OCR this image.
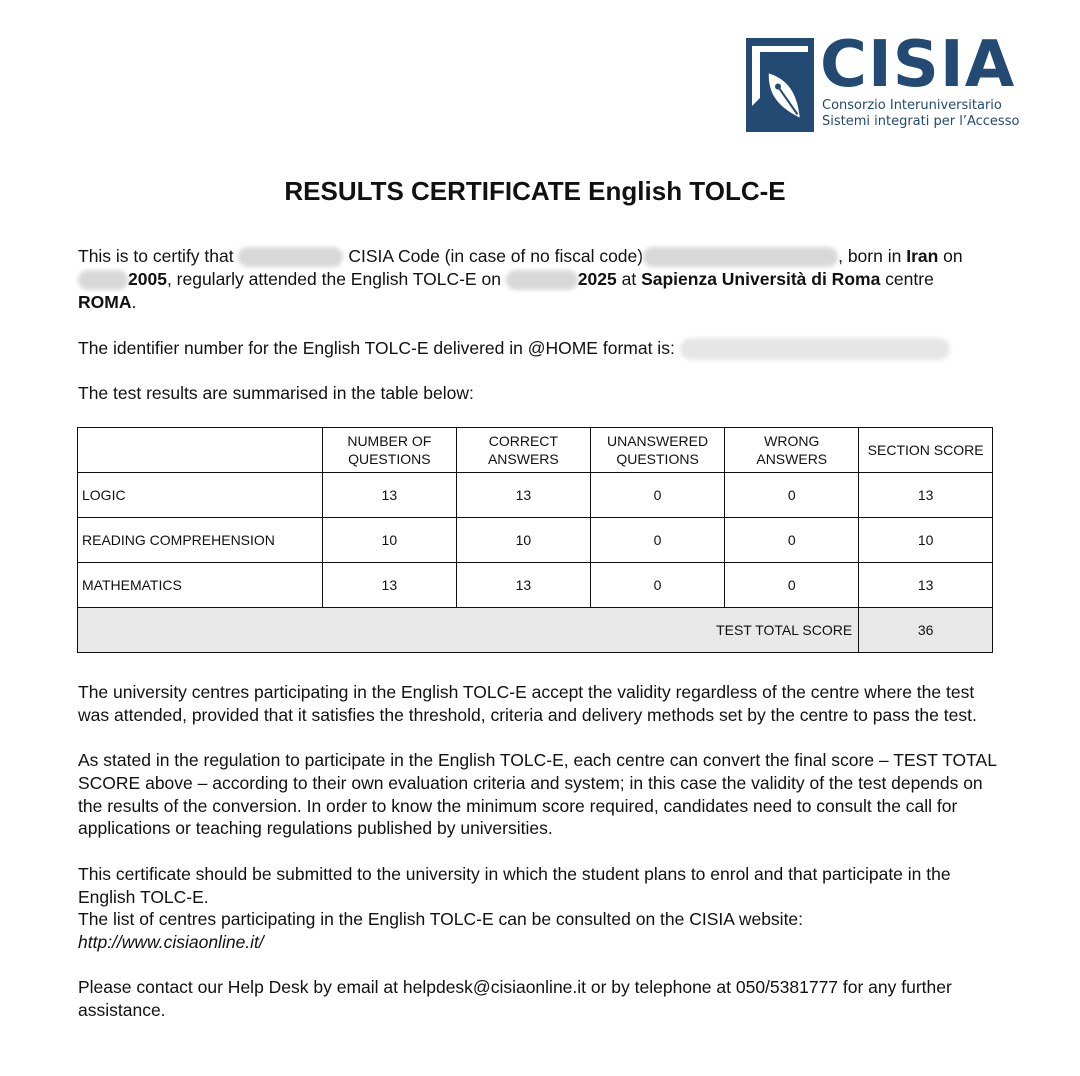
CISIA
Consorzio Interuniversitario
Sistemi integrati per l’Accesso
RESULTS CERTIFICATE English TOLC-E
This is to certify that	CISIA Code (in case of no fiscal code)	, born in Iran on 2005, regularly attended the English TOLC-E on	2025 at Sapienza Università di Roma centre ROMA.
The identifier number for the English TOLC-E delivered in @HOME format is:
The test results are summarised in the table below:
	NUMBER OF QUESTIONS	CORRECT ANSWERS	UNANSWERED QUESTIONS	WRONG ANSWERS	SECTION SCORE
LOGIC	13	13	0	0	13
READING COMPREHENSION	10	10	0	0	10
MATHEMATICS	13	13	0	0	13
TEST TOTAL SCORE					36
The university centres participating in the English TOLC-E accept the validity regardless of the centre where the test was attended, provided that it satisfies the threshold, criteria and delivery methods set by the centre to pass the test.
As stated in the regulation to participate in the English TOLC-E, each centre can convert the final score – TEST TOTAL SCORE above – according to their own evaluation criteria and system; in this case the validity of the test depends on the results of the conversion. In order to know the minimum score required, candidates need to consult the call for applications or teaching regulations published by universities.
This certificate should be submitted to the university in which the student plans to enrol and that participate in the English TOLC-E.
The list of centres participating in the English TOLC-E can be consulted on the CISIA website:
http://www.cisiaonline.it/
Please contact our Help Desk by email at helpdesk@cisiaonline.it or by telephone at 050/5381777 for any further assistance.
